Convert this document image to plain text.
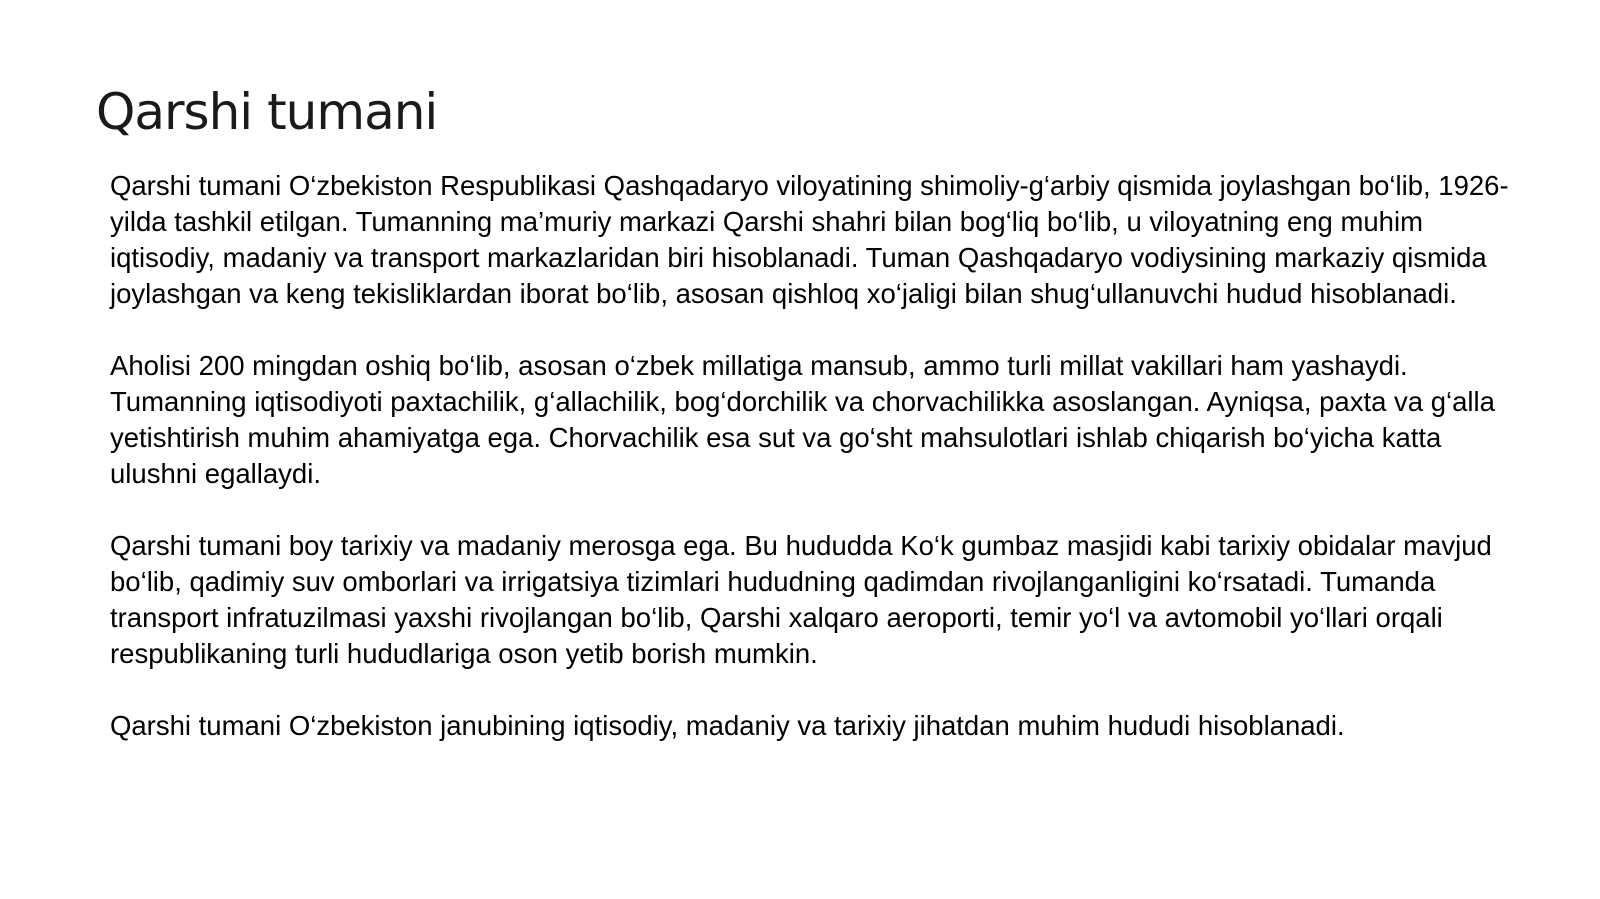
Qarshi tumani

Qarshi tumani O‘zbekiston Respublikasi Qashqadaryo viloyatining shimoliy-g‘arbiy qismida joylashgan bo‘lib, 1926-yilda tashkil etilgan. Tumanning ma’muriy markazi Qarshi shahri bilan bog‘liq bo‘lib, u viloyatning eng muhim iqtisodiy, madaniy va transport markazlaridan biri hisoblanadi. Tuman Qashqadaryo vodiysining markaziy qismida joylashgan va keng tekisliklardan iborat bo‘lib, asosan qishloq xo‘jaligi bilan shug‘ullanuvchi hudud hisoblanadi.

Aholisi 200 mingdan oshiq bo‘lib, asosan o‘zbek millatiga mansub, ammo turli millat vakillari ham yashaydi. Tumanning iqtisodiyoti paxtachilik, g‘allachilik, bog‘dorchilik va chorvachilikka asoslangan. Ayniqsa, paxta va g‘alla yetishtirish muhim ahamiyatga ega. Chorvachilik esa sut va go‘sht mahsulotlari ishlab chiqarish bo‘yicha katta ulushni egallaydi.

Qarshi tumani boy tarixiy va madaniy merosga ega. Bu hududda Ko‘k gumbaz masjidi kabi tarixiy obidalar mavjud bo‘lib, qadimiy suv omborlari va irrigatsiya tizimlari hududning qadimdan rivojlanganligini ko‘rsatadi. Tumanda transport infratuzilmasi yaxshi rivojlangan bo‘lib, Qarshi xalqaro aeroporti, temir yo‘l va avtomobil yo‘llari orqali respublikaning turli hududlariga oson yetib borish mumkin.

Qarshi tumani O‘zbekiston janubining iqtisodiy, madaniy va tarixiy jihatdan muhim hududi hisoblanadi.
